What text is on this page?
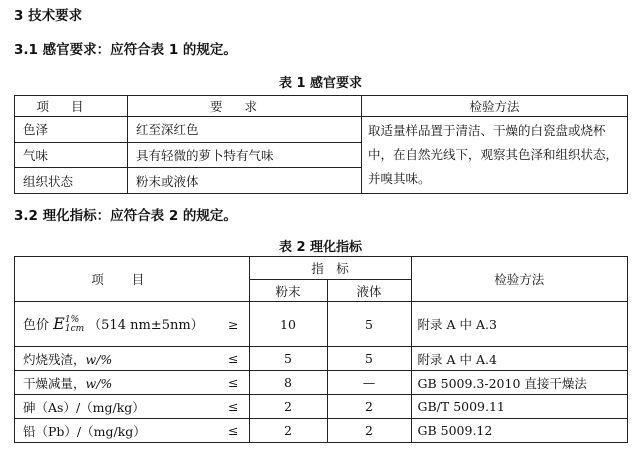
3 技术要求
3.1 感官要求：应符合表 1 的规定。
表 1 感官要求
项目	要求	检验方法
色泽	红至深红色	取适量样品置于清洁、干燥的白瓷盘或烧杯中，在自然光线下，观察其色泽和组织状态，并嗅其味。
气味	具有轻微的萝卜特有气味	
组织状态	粉末或液体	
3.2 理化指标：应符合表 2 的规定。
表 2 理化指标
项目		指　标		检验方法
		粉末	液体	
色价 E 1%
1cm （514 nm±5nm）	≥	10	5	附录 A 中 A.3
灼烧残渣，w/%	≤	5	5	附录 A 中 A.4
干燥减量，w/%	≤	8	—	GB 5009.3-2010 直接干燥法
砷（As）/（mg/kg）	≤	2	2	GB/T 5009.11
铅（Pb）/（mg/kg）	≤	2	2	GB 5009.12
